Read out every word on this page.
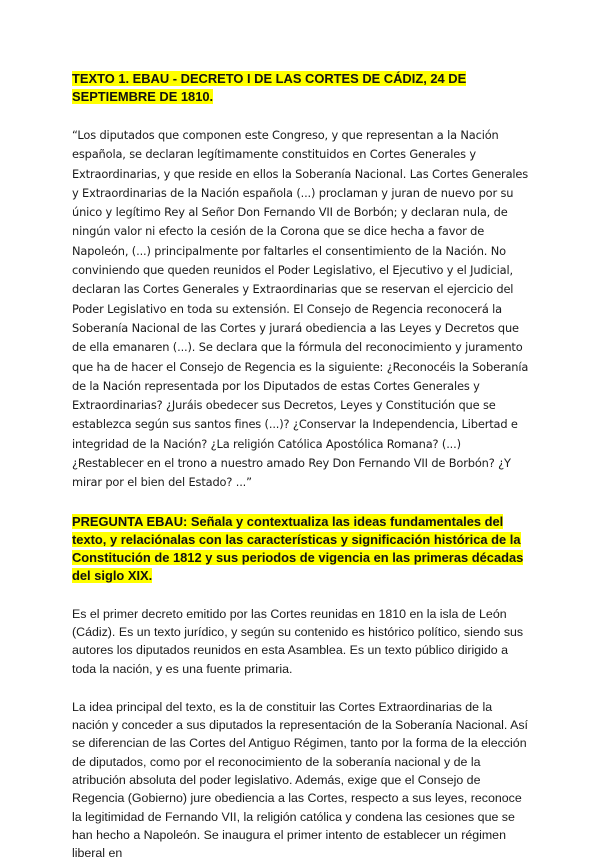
TEXTO 1. EBAU - DECRETO I DE LAS CORTES DE CÁDIZ, 24 DE SEPTIEMBRE DE 1810.

“Los diputados que componen este Congreso, y que representan a la Nación española, se declaran legítimamente constituidos en Cortes Generales y Extraordinarias, y que reside en ellos la Soberanía Nacional. Las Cortes Generales y Extraordinarias de la Nación española (...) proclaman y juran de nuevo por su único y legítimo Rey al Señor Don Fernando VII de Borbón; y declaran nula, de ningún valor ni efecto la cesión de la Corona que se dice hecha a favor de Napoleón, (...) principalmente por faltarles el consentimiento de la Nación. No conviniendo que queden reunidos el Poder Legislativo, el Ejecutivo y el Judicial, declaran las Cortes Generales y Extraordinarias que se reservan el ejercicio del Poder Legislativo en toda su extensión. El Consejo de Regencia reconocerá la Soberanía Nacional de las Cortes y jurará obediencia a las Leyes y Decretos que de ella emanaren (...). Se declara que la fórmula del reconocimiento y juramento que ha de hacer el Consejo de Regencia es la siguiente: ¿Reconocéis la Soberanía de la Nación representada por los Diputados de estas Cortes Generales y Extraordinarias? ¿Juráis obedecer sus Decretos, Leyes y Constitución que se establezca según sus santos fines (...)? ¿Conservar la Independencia, Libertad e integridad de la Nación? ¿La religión Católica Apostólica Romana? (...) ¿Restablecer en el trono a nuestro amado Rey Don Fernando VII de Borbón? ¿Y mirar por el bien del Estado? ...”

PREGUNTA EBAU: Señala y contextualiza las ideas fundamentales del texto, y relaciónalas con las características y significación histórica de la Constitución de 1812 y sus periodos de vigencia en las primeras décadas del siglo XIX.

Es el primer decreto emitido por las Cortes reunidas en 1810 en la isla de León (Cádiz). Es un texto jurídico, y según su contenido es histórico político, siendo sus autores los diputados reunidos en esta Asamblea. Es un texto público dirigido a toda la nación, y es una fuente primaria.

La idea principal del texto, es la de constituir las Cortes Extraordinarias de la nación y conceder a sus diputados la representación de la Soberanía Nacional. Así se diferencian de las Cortes del Antiguo Régimen, tanto por la forma de la elección de diputados, como por el reconocimiento de la soberanía nacional y de la atribución absoluta del poder legislativo. Además, exige que el Consejo de Regencia (Gobierno) jure obediencia a las Cortes, respecto a sus leyes, reconoce la legitimidad de Fernando VII, la religión católica y condena las cesiones que se han hecho a Napoleón. Se inaugura el primer intento de establecer un régimen liberal en
